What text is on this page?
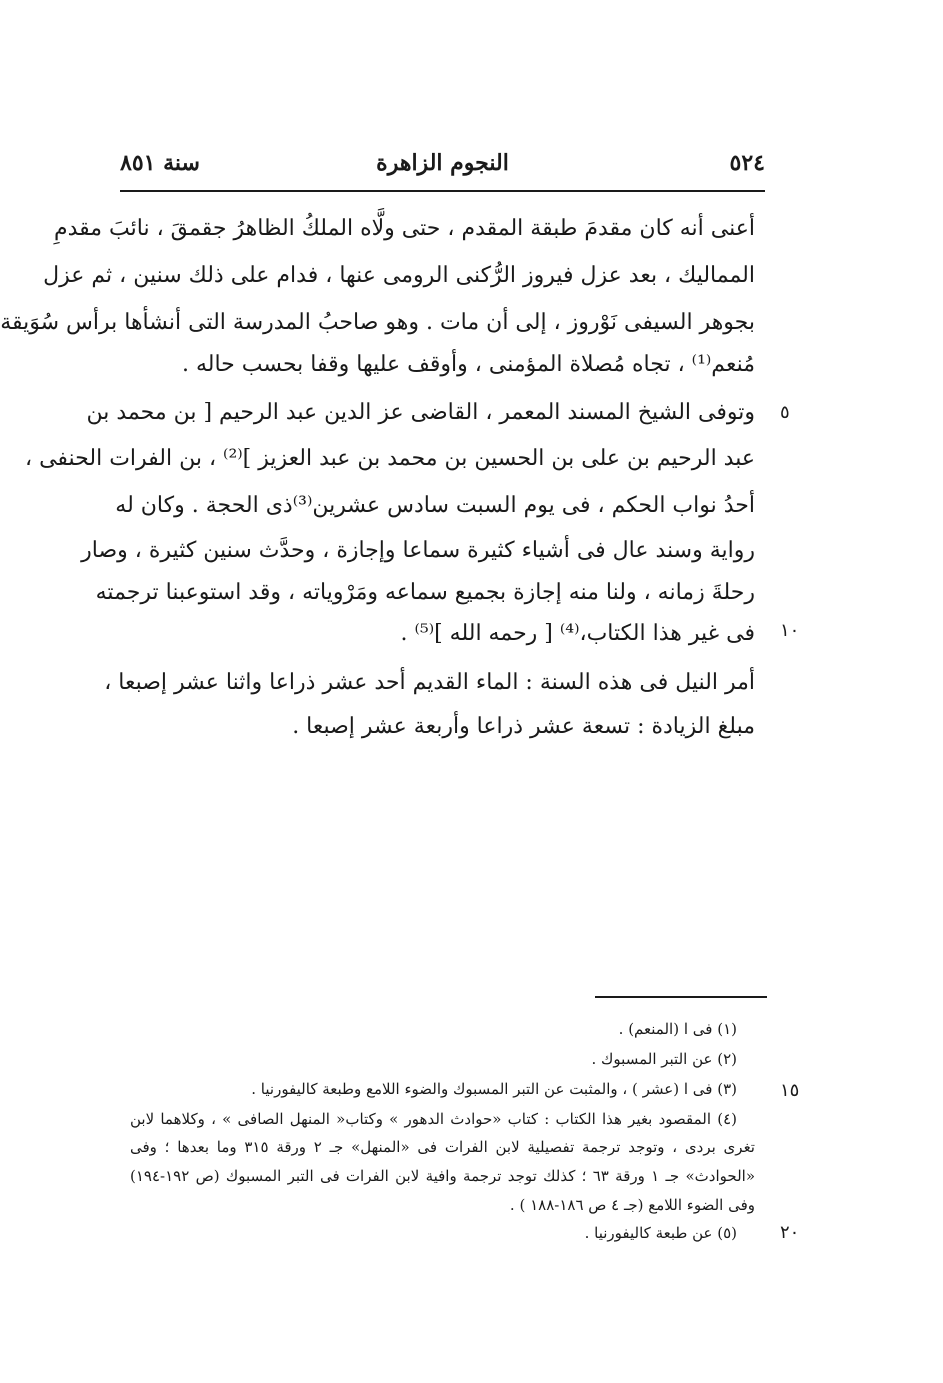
٥٢٤
النجوم الزاهرة
سنة ٨٥١
أعنى أنه كان مقدمَ طبقة المقدم ، حتى ولَّاه الملكُ الظاهرُ جقمقَ ، نائبَ مقدمِ
المماليك ، بعد عزل فيروز الرُّكنى الرومى عنها ، فدام على ذلك سنين ، ثم عزل
بجوهر السيفى نَوْروز ، إلى أن مات . وهو صاحبُ المدرسة التى أنشأها برأس سُوَيقة
مُنعم⁽¹⁾ ، تجاه مُصلاة المؤمنى ، وأوقف عليها وقفا بحسب حاله .
وتوفى الشيخ المسند المعمر ، القاضى عز الدين عبد الرحيم [ بن محمد بن
عبد الرحيم بن على بن الحسين بن محمد بن عبد العزيز ]⁽²⁾ ، بن الفرات الحنفى ،
أحدُ نواب الحكم ، فى يوم السبت سادس عشرين⁽³⁾ذى الحجة . وكان له
رواية وسند عال فى أشياء كثيرة سماعا وإجازة ، وحدَّث سنين كثيرة ، وصار
رحلةَ زمانه ، ولنا منه إجازة بجميع سماعه ومَرْوياته ، وقد استوعبنا ترجمته
فى غير هذا الكتاب،⁽⁴⁾ [ رحمه الله ]⁽⁵⁾ .
أمر النيل فى هذه السنة : الماء القديم أحد عشر ذراعا واثنا عشر إصبعا ،
مبلغ الزيادة : تسعة عشر ذراعا وأربعة عشر إصبعا .
٥
١٠
١٥
٢٠
(١) فى ا (المنعم) .
(٢) عن التبر المسبوك .
(٣) فى ا (عشر ) ، والمثبت عن التبر المسبوك والضوء اللامع وطبعة كاليفورنيا .
(٤) المقصود بغير هذا الكتاب : كتاب «حوادث الدهور » وكتاب« المنهل الصافى » ، وكلاهما لابن
تغرى بردى ، وتوجد ترجمة تفصيلية لابن الفرات فى «المنهل» جـ ٢ ورقة ٣١٥ وما بعدها ؛ وفى
«الحوادث» جـ ١ ورقة ٦٣ ؛ كذلك توجد ترجمة وافية لابن الفرات فى التبر المسبوك (ص ١٩٢-١٩٤)
وفى الضوء اللامع (جـ ٤ ص ١٨٦-١٨٨ ) .
(٥) عن طبعة كاليفورنيا .
